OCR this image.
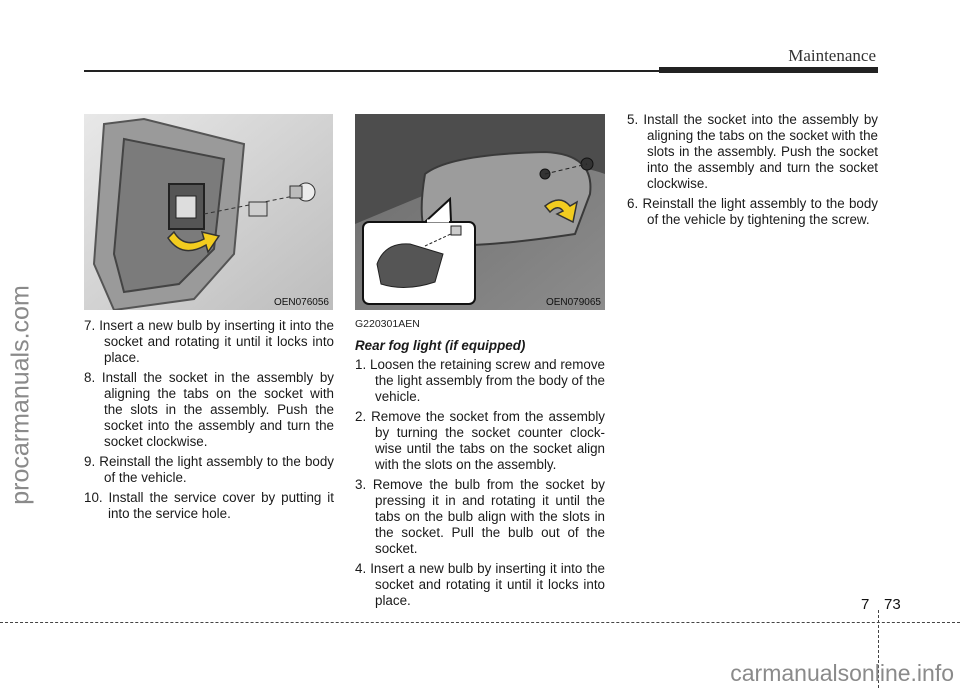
Maintenance
procarmanuals.com	OEN076056	OEN079065
7. Insert a new bulb by inserting it into the socket and rotating it until it locks into place.
8. Install the socket in the assembly by aligning the tabs on the socket with the slots in the assembly. Push the socket into the assembly and turn the socket clockwise.
9. Reinstall the light assembly to the body of the vehicle.
10. Install the service cover by putting it into the service hole.
G220301AEN
Rear fog light (if equipped)
1. Loosen the retaining screw and remove the light assembly from the body of the vehicle.
2. Remove the socket from the assembly by turning the socket counter clock-wise until the tabs on the socket align with the slots on the assembly.
3. Remove the bulb from the socket by pressing it in and rotating it until the tabs on the bulb align with the slots in the socket. Pull the bulb out of the socket.
4. Insert a new bulb by inserting it into the socket and rotating it until it locks into place.
5. Install the socket into the assembly by aligning the tabs on the socket with the slots in the assembly. Push the socket into the assembly and turn the socket clockwise.
6. Reinstall the light assembly to the body of the vehicle by tightening the screw.
7 73
carmanualsonline.info
